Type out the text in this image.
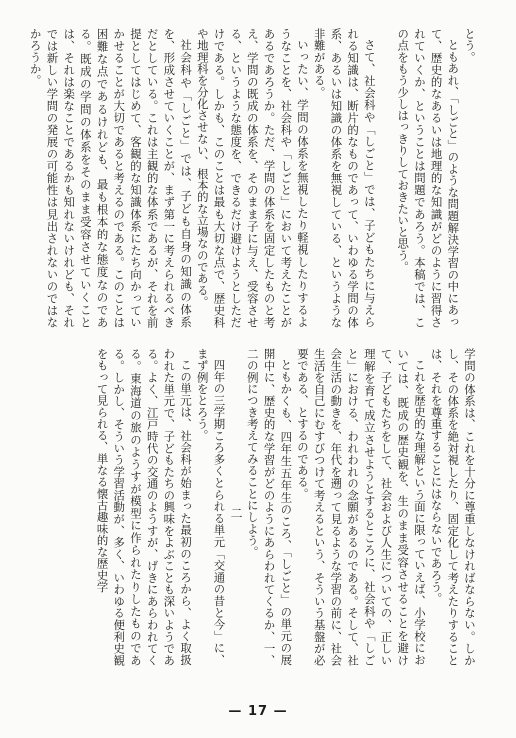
とう。

ともあれ、「しごと」のような問題解決学習の中にあって、歴史的なあるいは地理的な知識がどのように習得されていくか、ということは問題であろう。本稿では、この点をもう少しはっきりしておきたいと思う。

さて、社会科や「しごと」では、子どもたちに与えられる知識は、断片的なものであって、いわゆる学問の体系、あるいは知識の体系を無視している、というような非難がある。

いったい、学問の体系を無視したり軽視したりするようなことを、社会科や「しごと」において考えたことがあるであろうか。ただ、学問の体系を固定したものと考え、学問の既成の体系を、そのまま子に与え、受容させる、というような態度を、できるだけ避けようとしただけである。しかも、このことは最も大切な点で、歴史科や地理科を分化させない、根本的な立場なのである。

社会科や「しごと」では、子ども自身の知識の体系を、形成させていくことが、まず第一に考えられるべきだとしている。これは主観的な体系であるが、それを前提としてはじめて、客観的な知識体系にたち向かっていかせることが大切であると考えるのである。このことは困難な点であるけれども、最も根本的な態度なのである。既成の学問の体系をそのまま受容させていくことは、それは楽なことであるかも知れないけれども、それでは新しい学問の発展の可能性は見出されないのではなかろうか。

学問の体系は、これを十分に尊重しなければならない。しかし、その体系を絶対視したり、固定化して考えたりすることは、それを尊重することにはならないであろう。

これを歴史的な理解という面に限っていえば、小学校においては、既成の歴史観を、生のまま受容させることを避けて、子どもたちをして、社会および人生についての、正しい理解を育て成立させようとするところに、社会科や「しごと」における、われわれの念願があるのである。そして、社会生活の動きを、年代を遡って見るような学習の前に、社会生活を自己にむすびつけて考えるという、そういう基盤が必要である、とするのである。

ともかくも、四年生五年生のころ、「しごと」の単元の展開中に、歴史的な学習がどのようにあらわれてくるか、一、二の例につき考えてみることにしよう。

二

四年の三学期ころ多くとられる単元「交通の昔と今」に、まず例をとろう。

この単元は、社会科が始まった最初のころから、よく取扱われた単元で、子どもたちの興味をよぶことも深いようである。よく、江戸時代の交通のようすが、げきにあらわれてくる。東海道の旅のようすが模型に作られたりしたものである。しかし、そういう学習活動が、多く、いわゆる便利史観をもって見られる、単なる懐古趣味的な歴史学

— 17 —
